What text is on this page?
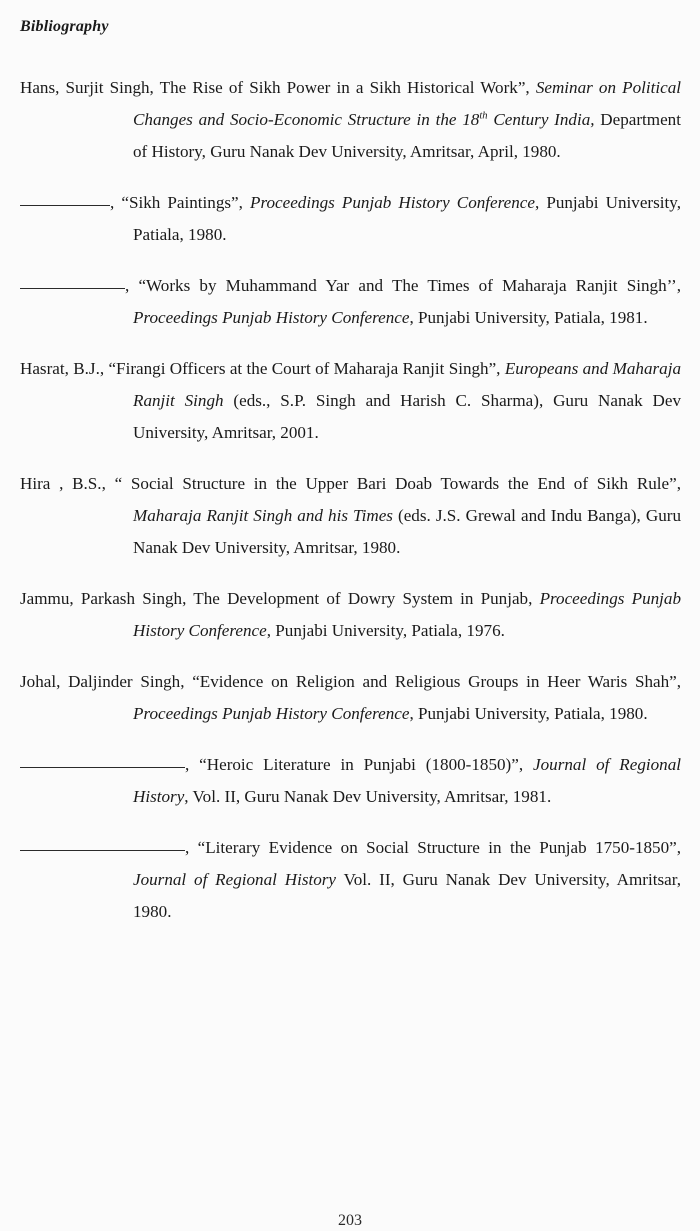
Bibliography

Hans, Surjit Singh, The Rise of Sikh Power in a Sikh Historical Work”, Seminar on Political Changes and Socio-Economic Structure in the 18th Century India, Department of History, Guru Nanak Dev University, Amritsar, April, 1980.

, “Sikh Paintings”, Proceedings Punjab History Conference, Punjabi University, Patiala, 1980.

, “Works by Muhammand Yar and The Times of Maharaja Ranjit Singh’’, Proceedings Punjab History Conference, Punjabi University, Patiala, 1981.

Hasrat, B.J., “Firangi Officers at the Court of Maharaja Ranjit Singh”, Europeans and Maharaja Ranjit Singh (eds., S.P. Singh and Harish C. Sharma), Guru Nanak Dev University, Amritsar, 2001.

Hira , B.S., “ Social Structure in the Upper Bari Doab Towards the End of Sikh Rule”, Maharaja Ranjit Singh and his Times (eds. J.S. Grewal and Indu Banga), Guru Nanak Dev University, Amritsar, 1980.

Jammu, Parkash Singh, The Development of Dowry System in Punjab, Proceedings Punjab History Conference, Punjabi University, Patiala, 1976.

Johal, Daljinder Singh, “Evidence on Religion and Religious Groups in Heer Waris Shah”, Proceedings Punjab History Conference, Punjabi University, Patiala, 1980.

, “Heroic Literature in Punjabi (1800-1850)”, Journal of Regional History, Vol. II, Guru Nanak Dev University, Amritsar, 1981.

, “Literary Evidence on Social Structure in the Punjab 1750-1850”, Journal of Regional History Vol. II, Guru Nanak Dev University, Amritsar, 1980.

203
